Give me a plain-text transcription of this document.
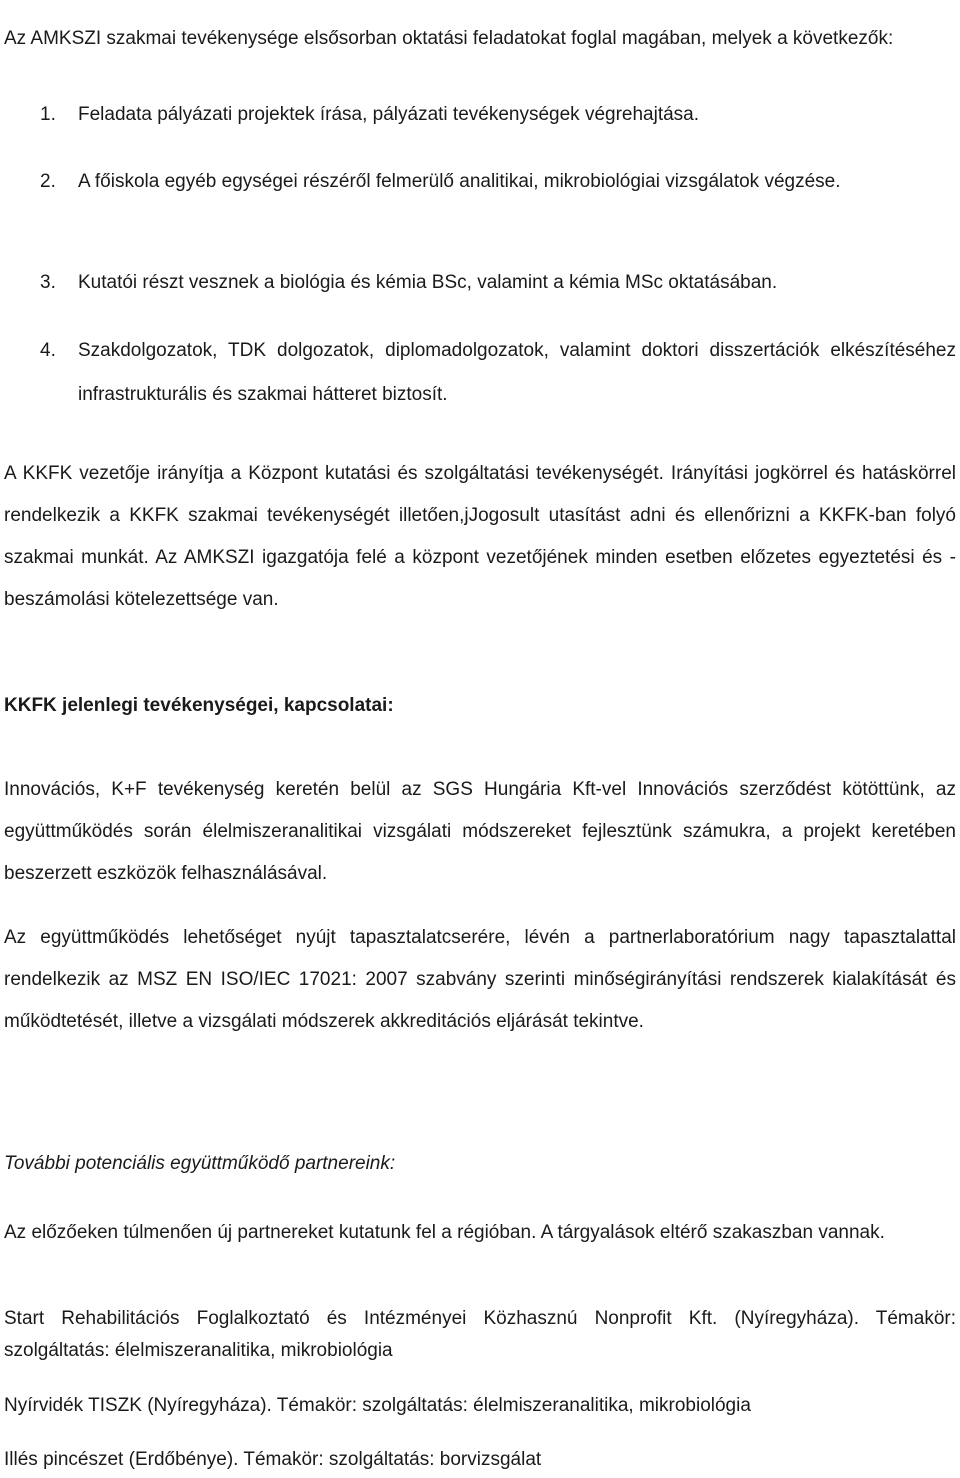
Az AMKSZI szakmai tevékenysége elsősorban oktatási feladatokat foglal magában, melyek a következők:

1. Feladata pályázati projektek írása, pályázati tevékenységek végrehajtása.
2. A főiskola egyéb egységei részéről felmerülő analitikai, mikrobiológiai vizsgálatok végzése.
3. Kutatói részt vesznek a biológia és kémia BSc, valamint a kémia MSc oktatásában.
4. Szakdolgozatok, TDK dolgozatok, diplomadolgozatok, valamint doktori disszertációk elkészítéséhez infrastrukturális és szakmai hátteret biztosít.

A KKFK vezetője irányítja a Központ kutatási és szolgáltatási tevékenységét. Irányítási jogkörrel és hatáskörrel rendelkezik a KKFK szakmai tevékenységét illetően,jJogosult utasítást adni és ellenőrizni a KKFK-ban folyó szakmai munkát. Az AMKSZI igazgatója felé a központ vezetőjének minden esetben előzetes egyeztetési és - beszámolási kötelezettsége van.

KKFK jelenlegi tevékenységei, kapcsolatai:

Innovációs, K+F tevékenység keretén belül az SGS Hungária Kft-vel Innovációs szerződést kötöttünk, az együttműködés során élelmiszeranalitikai vizsgálati módszereket fejlesztünk számukra, a projekt keretében beszerzett eszközök felhasználásával.

Az együttműködés lehetőséget nyújt tapasztalatcserére, lévén a partnerlaboratórium nagy tapasztalattal rendelkezik az MSZ EN ISO/IEC 17021: 2007 szabvány szerinti minőségirányítási rendszerek kialakítását és működtetését, illetve a vizsgálati módszerek akkreditációs eljárását tekintve.

További potenciális együttműködő partnereink:

Az előzőeken túlmenően új partnereket kutatunk fel a régióban. A tárgyalások eltérő szakaszban vannak.

Start Rehabilitációs Foglalkoztató és Intézményei Közhasznú Nonprofit Kft. (Nyíregyháza). Témakör: szolgáltatás: élelmiszeranalitika, mikrobiológia

Nyírvidék TISZK (Nyíregyháza). Témakör: szolgáltatás: élelmiszeranalitika, mikrobiológia

Illés pincészet (Erdőbénye). Témakör: szolgáltatás: borvizsgálat
